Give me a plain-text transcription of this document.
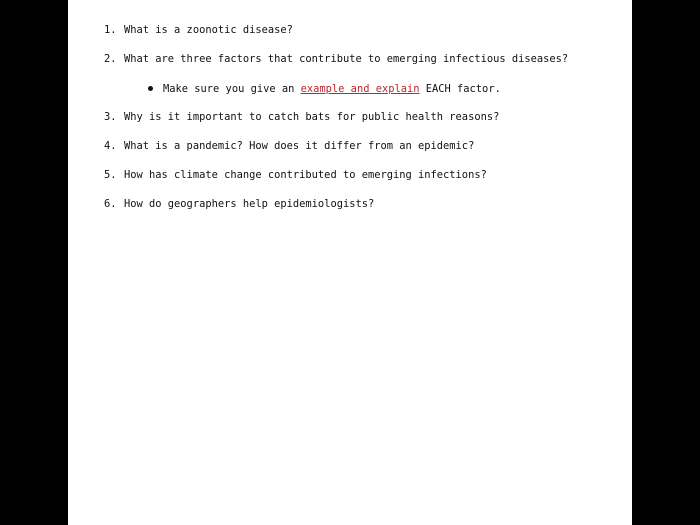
1. What is a zoonotic disease?
2. What are three factors that contribute to emerging infectious diseases?
Make sure you give an example and explain EACH factor.
3. Why is it important to catch bats for public health reasons?
4. What is a pandemic? How does it differ from an epidemic?
5. How has climate change contributed to emerging infections?
6. How do geographers help epidemiologists?
